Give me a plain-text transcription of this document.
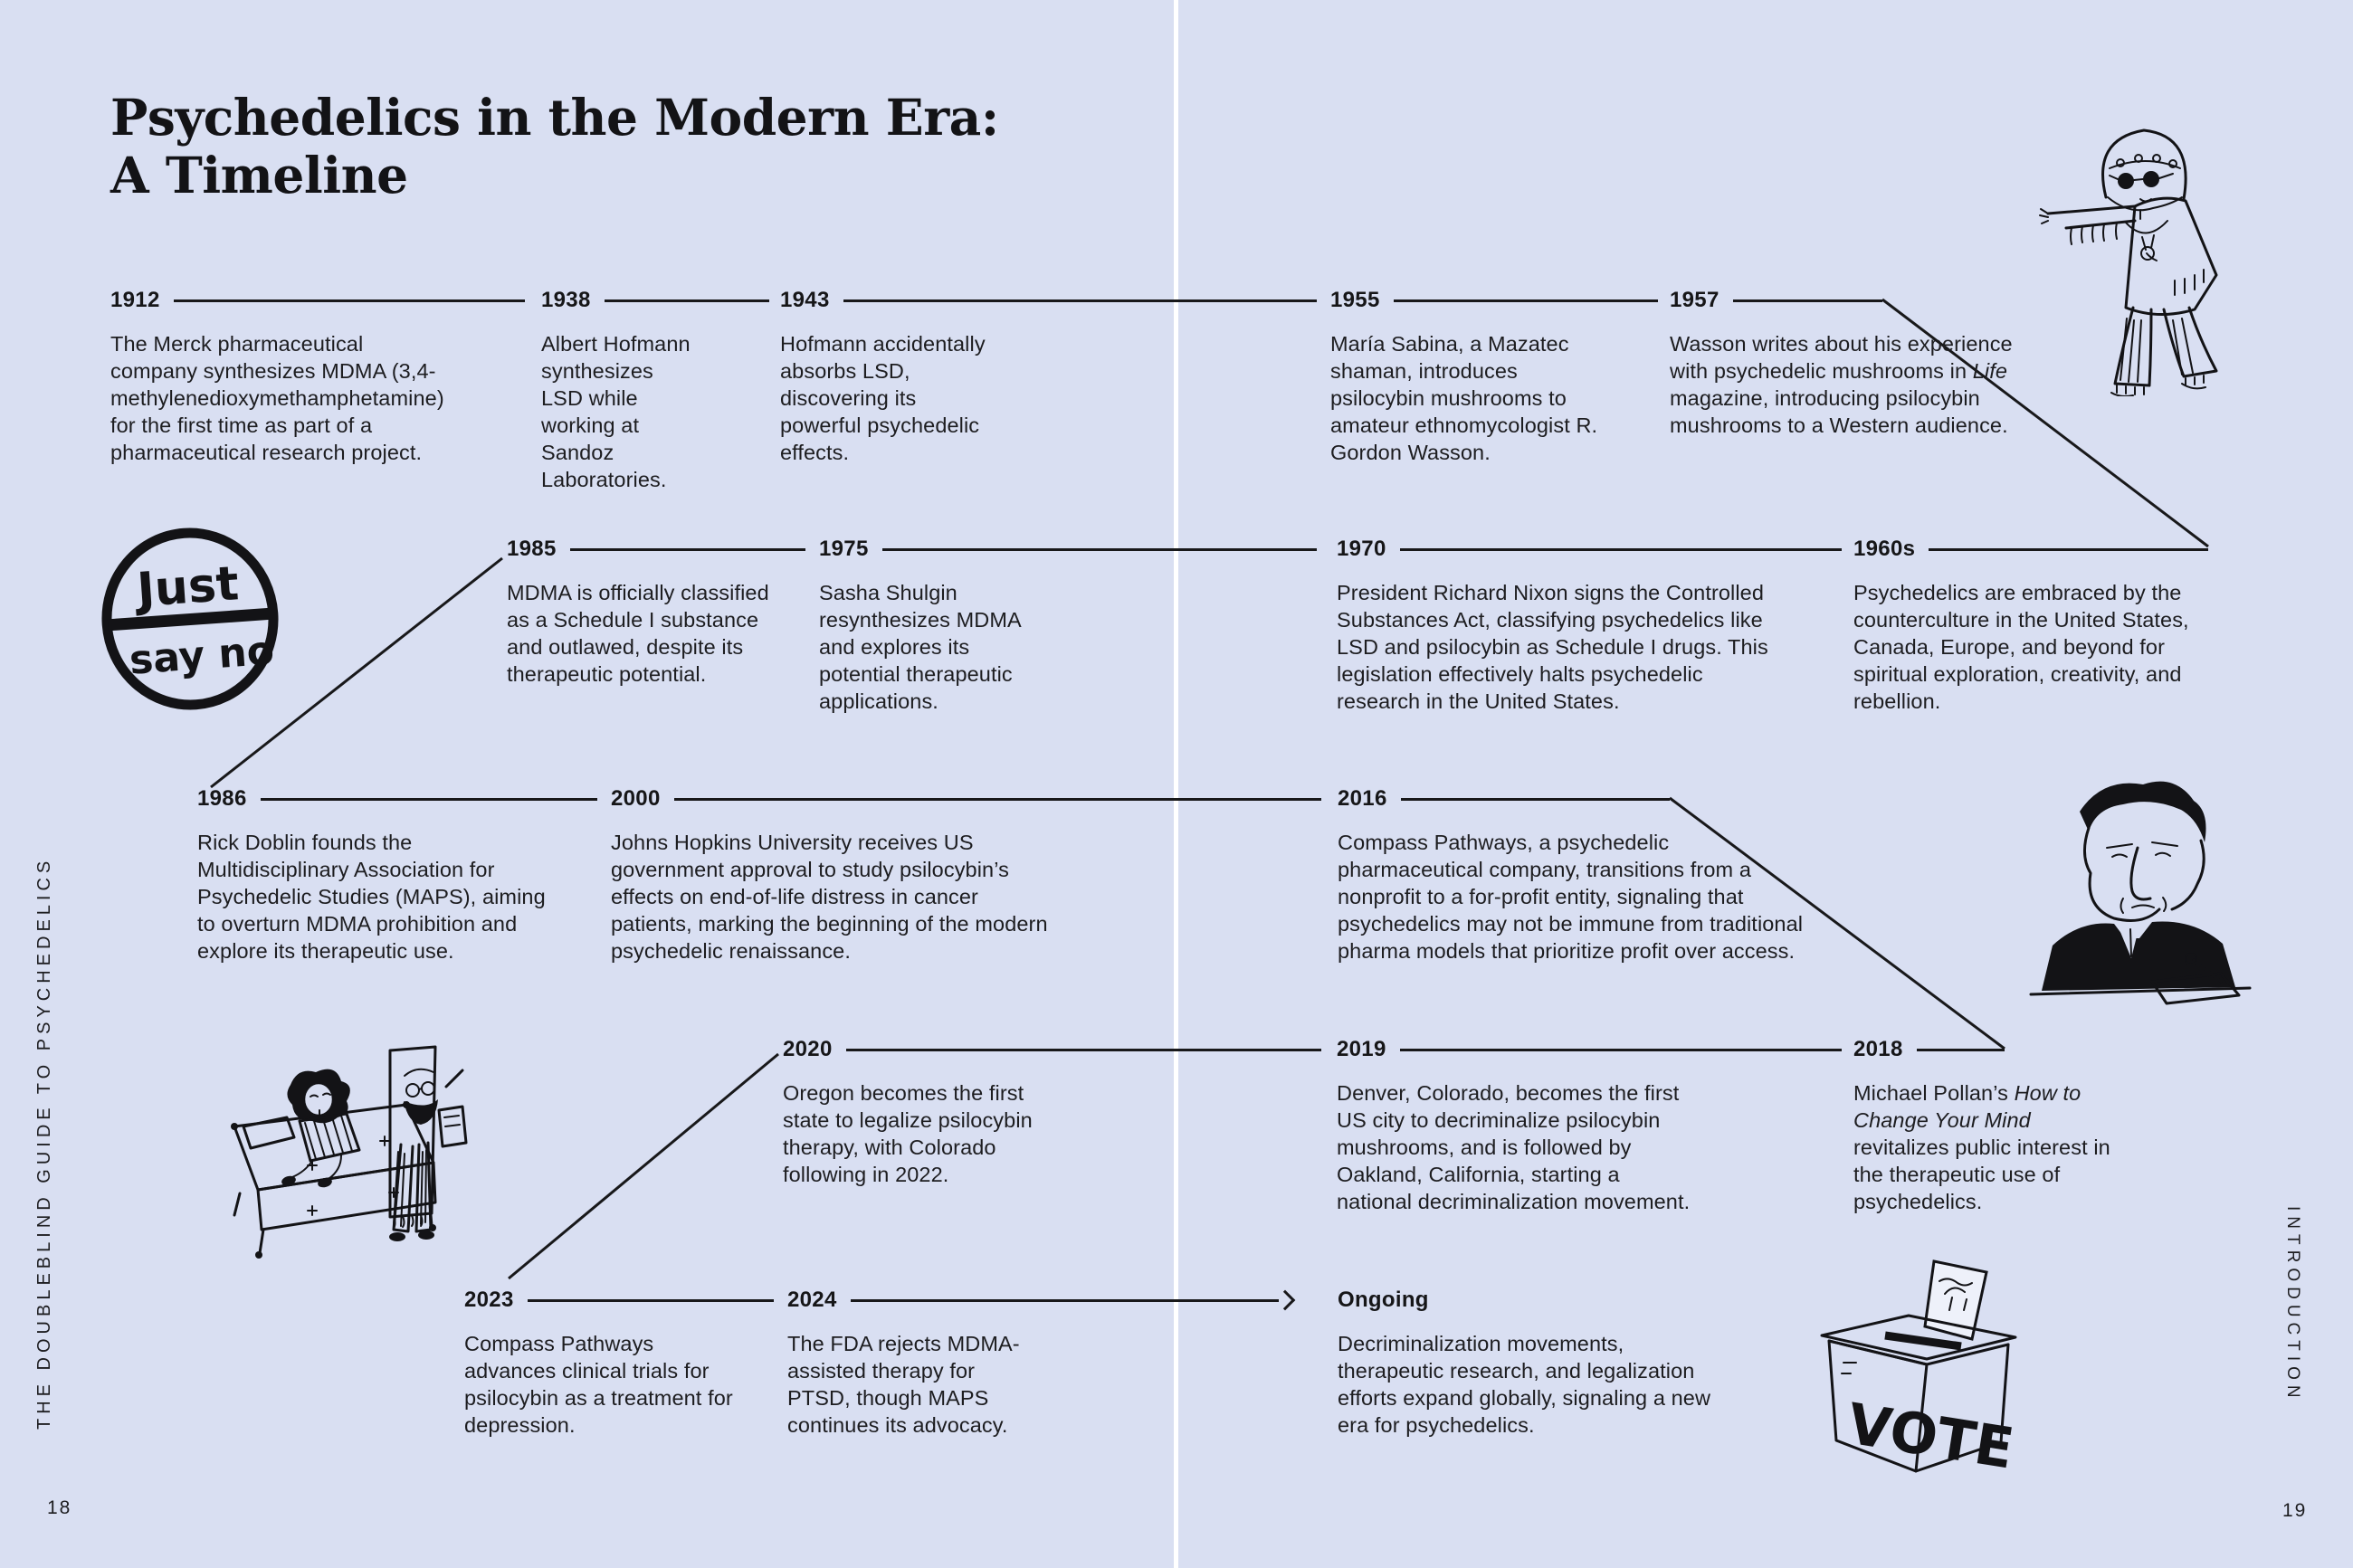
Psychedelics in the Modern Era:
A Timeline
1912
The Merck pharmaceutical company synthesizes MDMA (3,4-methylenedioxymethamphetamine) for the first time as part of a pharmaceutical research project.
1938
Albert Hofmann synthesizes LSD while working at Sandoz Laboratories.
1943
Hofmann accidentally absorbs LSD, discovering its powerful psychedelic effects.
1955
María Sabina, a Mazatec shaman, introduces psilocybin mushrooms to amateur ethnomycologist R. Gordon Wasson.
1957
Wasson writes about his experience with psychedelic mushrooms in Life magazine, introducing psilocybin mushrooms to a Western audience.
1985
MDMA is officially classified as a Schedule I substance and outlawed, despite its therapeutic potential.
1975
Sasha Shulgin resynthesizes MDMA and explores its potential therapeutic applications.
1970
President Richard Nixon signs the Controlled Substances Act, classifying psychedelics like LSD and psilocybin as Schedule I drugs. This legislation effectively halts psychedelic research in the United States.
1960s
Psychedelics are embraced by the counterculture in the United States, Canada, Europe, and beyond for spiritual exploration, creativity, and rebellion.
1986
Rick Doblin founds the Multidisciplinary Association for Psychedelic Studies (MAPS), aiming to overturn MDMA prohibition and explore its therapeutic use.
2000
Johns Hopkins University receives US government approval to study psilocybin’s effects on end-of-life distress in cancer patients, marking the beginning of the modern psychedelic renaissance.
2016
Compass Pathways, a psychedelic pharmaceutical company, transitions from a nonprofit to a for-profit entity, signaling that psychedelics may not be immune from traditional pharma models that prioritize profit over access.
2020
Oregon becomes the first state to legalize psilocybin therapy, with Colorado following in 2022.
2019
Denver, Colorado, becomes the first US city to decriminalize psilocybin mushrooms, and is followed by Oakland, California, starting a national decriminalization movement.
2018
Michael Pollan’s How to Change Your Mind revitalizes public interest in the therapeutic use of psychedelics.
2023
Compass Pathways advances clinical trials for psilocybin as a treatment for depression.
2024
The FDA rejects MDMA-assisted therapy for PTSD, though MAPS continues its advocacy.
Ongoing
Decriminalization movements, therapeutic research, and legalization efforts expand globally, signaling a new era for psychedelics.
THE DOUBLEBLIND GUIDE TO PSYCHEDELICS	INTRODUCTION
18	19
Just
say no
VOTE
